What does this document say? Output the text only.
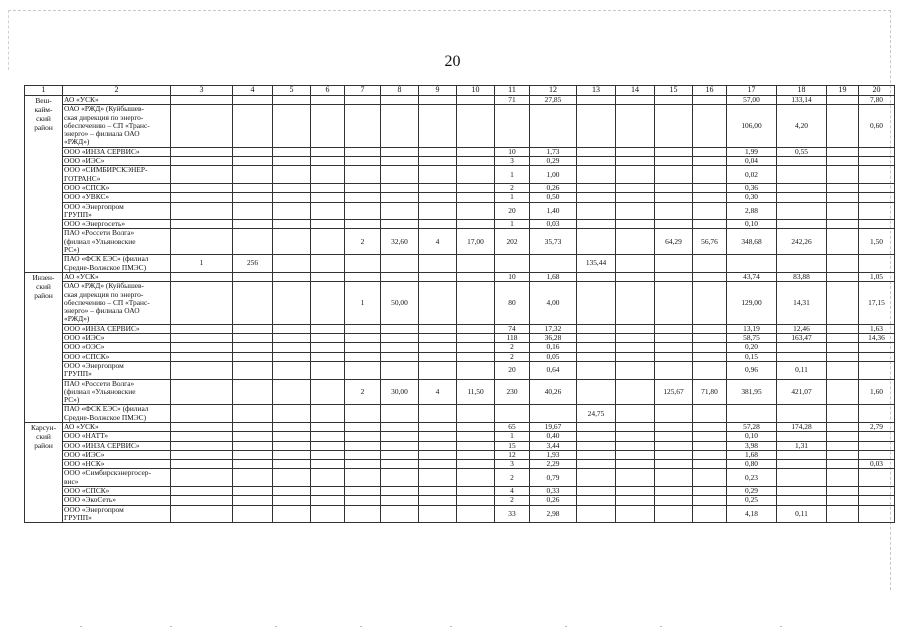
20
1	2	3	4	5	6	7	8	9	10	11	12	13	14	15	16	17	18	19	20
Веш-
кайм-
ский
район	АО «УСК»									71	27,85					57,00	133,14		7,80
	ОАО «РЖД» (Куйбышев-
ская дирекция по энерго-
обеспечению – СП «Транс-
энерго» – филиала ОАО
«РЖД»)															106,00	4,20		0,60
	ООО «ИНЗА СЕРВИС»									10	1,73					1,99	0,55		
	ООО «ИЭС»									3	0,29					0,04			
	ООО «СИМБИРСКЭНЕР-
ГОТРАНС»									1	1,00					0,02			
	ООО «СПСК»									2	0,26					0,36			
	ООО «УВКС»									1	0,50					0,30			
	ООО «Энергопром
ГРУПП»									20	1,40					2,88			
	ООО «Энергосеть»									1	0,03					0,10			
	ПАО «Россети Волга»
(филиал «Ульяновские
РС»)					2	32,60	4	17,00	202	35,73			64,29	56,76	348,68	242,26		1,50
	ПАО «ФСК ЕЭС» (филиал
Средне-Волжское ПМЭС)	1	256									135,44							
Инзен-
ский
район	АО «УСК»									10	1,68					43,74	83,88		1,05
	ОАО «РЖД» (Куйбышев-
ская дирекция по энерго-
обеспечению – СП «Транс-
энерго» – филиала ОАО
«РЖД»)					1	50,00			80	4,00					129,00	14,31		17,15
	ООО «ИНЗА СЕРВИС»									74	17,32					13,19	12,46		1,63
	ООО «ИЭС»									118	36,28					58,75	163,47		14,36
	ООО «ОЭС»									2	0,16					0,20			
	ООО «СПСК»									2	0,05					0,15			
	ООО «Энергопром
ГРУПП»									20	0,64					0,96	0,11		
	ПАО «Россети Волга»
(филиал «Ульяновские
РС»)					2	30,00	4	11,50	230	40,26			125,67	71,80	381,95	421,07		1,60
	ПАО «ФСК ЕЭС» (филиал
Средне-Волжское ПМЭС)											24,75							
Карсун-
ский
район	АО «УСК»									65	19,67					57,28	174,28		2,79
	ООО «НАТТ»									1	0,40					0,10			
	ООО «ИНЗА СЕРВИС»									15	3,44					3,98	1,31		
	ООО «ИЭС»									12	1,93					1,68			
	ООО «НСК»									3	2,29					0,80			0,03
	ООО «Симбирскэнергосер-
вис»									2	0,79					0,23			
	ООО «СПСК»									4	0,33					0,29			
	ООО «ЭкоСеть»									2	0,26					0,25			
	ООО «Энергопром
ГРУПП»									33	2,98					4,18	0,11		
